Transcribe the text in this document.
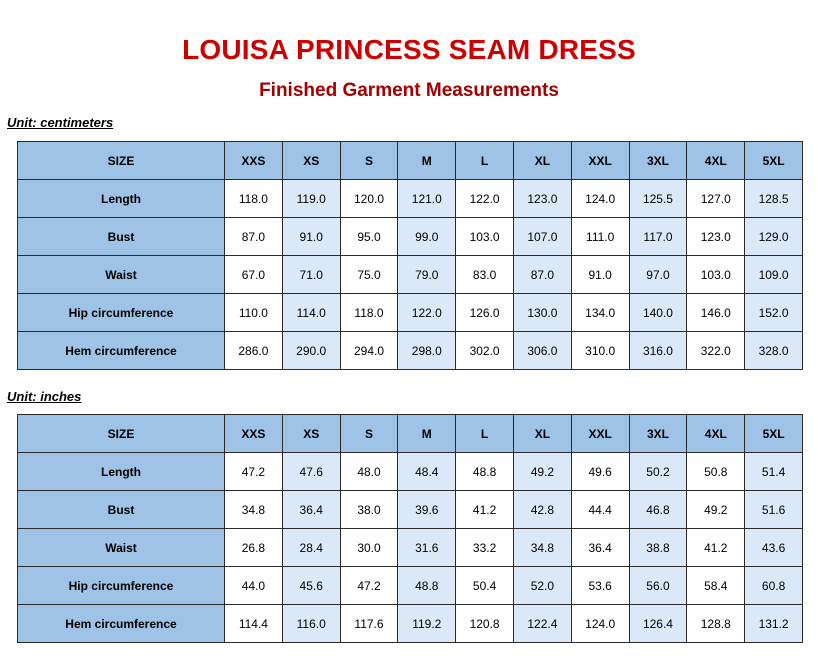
LOUISA PRINCESS SEAM DRESS
Finished Garment Measurements
Unit: centimeters
SIZE	XXS	XS	S	M	L	XL	XXL	3XL	4XL	5XL
Length	118.0	119.0	120.0	121.0	122.0	123.0	124.0	125.5	127.0	128.5
Bust	87.0	91.0	95.0	99.0	103.0	107.0	111.0	117.0	123.0	129.0
Waist	67.0	71.0	75.0	79.0	83.0	87.0	91.0	97.0	103.0	109.0
Hip circumference	110.0	114.0	118.0	122.0	126.0	130.0	134.0	140.0	146.0	152.0
Hem circumference	286.0	290.0	294.0	298.0	302.0	306.0	310.0	316.0	322.0	328.0
Unit: inches
SIZE	XXS	XS	S	M	L	XL	XXL	3XL	4XL	5XL
Length	47.2	47.6	48.0	48.4	48.8	49.2	49.6	50.2	50.8	51.4
Bust	34.8	36.4	38.0	39.6	41.2	42.8	44.4	46.8	49.2	51.6
Waist	26.8	28.4	30.0	31.6	33.2	34.8	36.4	38.8	41.2	43.6
Hip circumference	44.0	45.6	47.2	48.8	50.4	52.0	53.6	56.0	58.4	60.8
Hem circumference	114.4	116.0	117.6	119.2	120.8	122.4	124.0	126.4	128.8	131.2
